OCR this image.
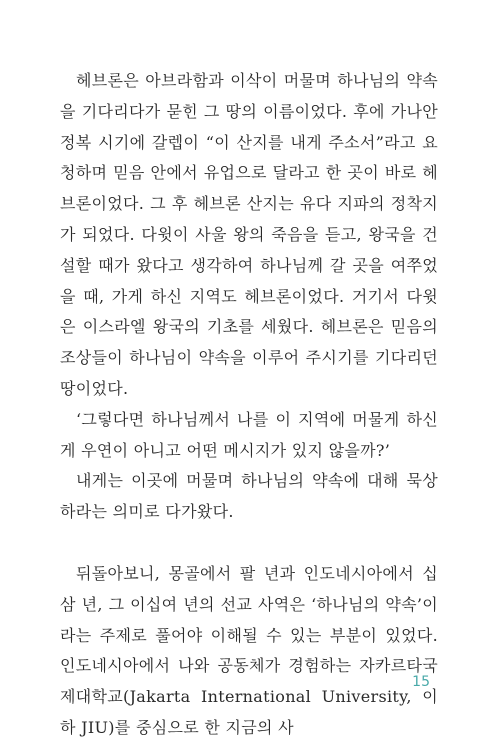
헤브론은 아브라함과 이삭이 머물며 하나님의 약속을 기다리다가 묻힌 그 땅의 이름이었다. 후에 가나안 정복 시기에 갈렙이 “이 산지를 내게 주소서”라고 요청하며 믿음 안에서 유업으로 달라고 한 곳이 바로 헤브론이었다. 그 후 헤브론 산지는 유다 지파의 정착지가 되었다. 다윗이 사울 왕의 죽음을 듣고, 왕국을 건설할 때가 왔다고 생각하여 하나님께 갈 곳을 여쭈었을 때, 가게 하신 지역도 헤브론이었다. 거기서 다윗은 이스라엘 왕국의 기초를 세웠다. 헤브론은 믿음의 조상들이 하나님이 약속을 이루어 주시기를 기다리던 땅이었다.

‘그렇다면 하나님께서 나를 이 지역에 머물게 하신 게 우연이 아니고 어떤 메시지가 있지 않을까?’

내게는 이곳에 머물며 하나님의 약속에 대해 묵상하라는 의미로 다가왔다.

뒤돌아보니, 몽골에서 팔 년과 인도네시아에서 십삼 년, 그 이십여 년의 선교 사역은 ‘하나님의 약속’이라는 주제로 풀어야 이해될 수 있는 부분이 있었다. 인도네시아에서 나와 공동체가 경험하는 자카르타국제대학교(Jakarta International University, 이하 JIU)를 중심으로 한 지금의 사

15
